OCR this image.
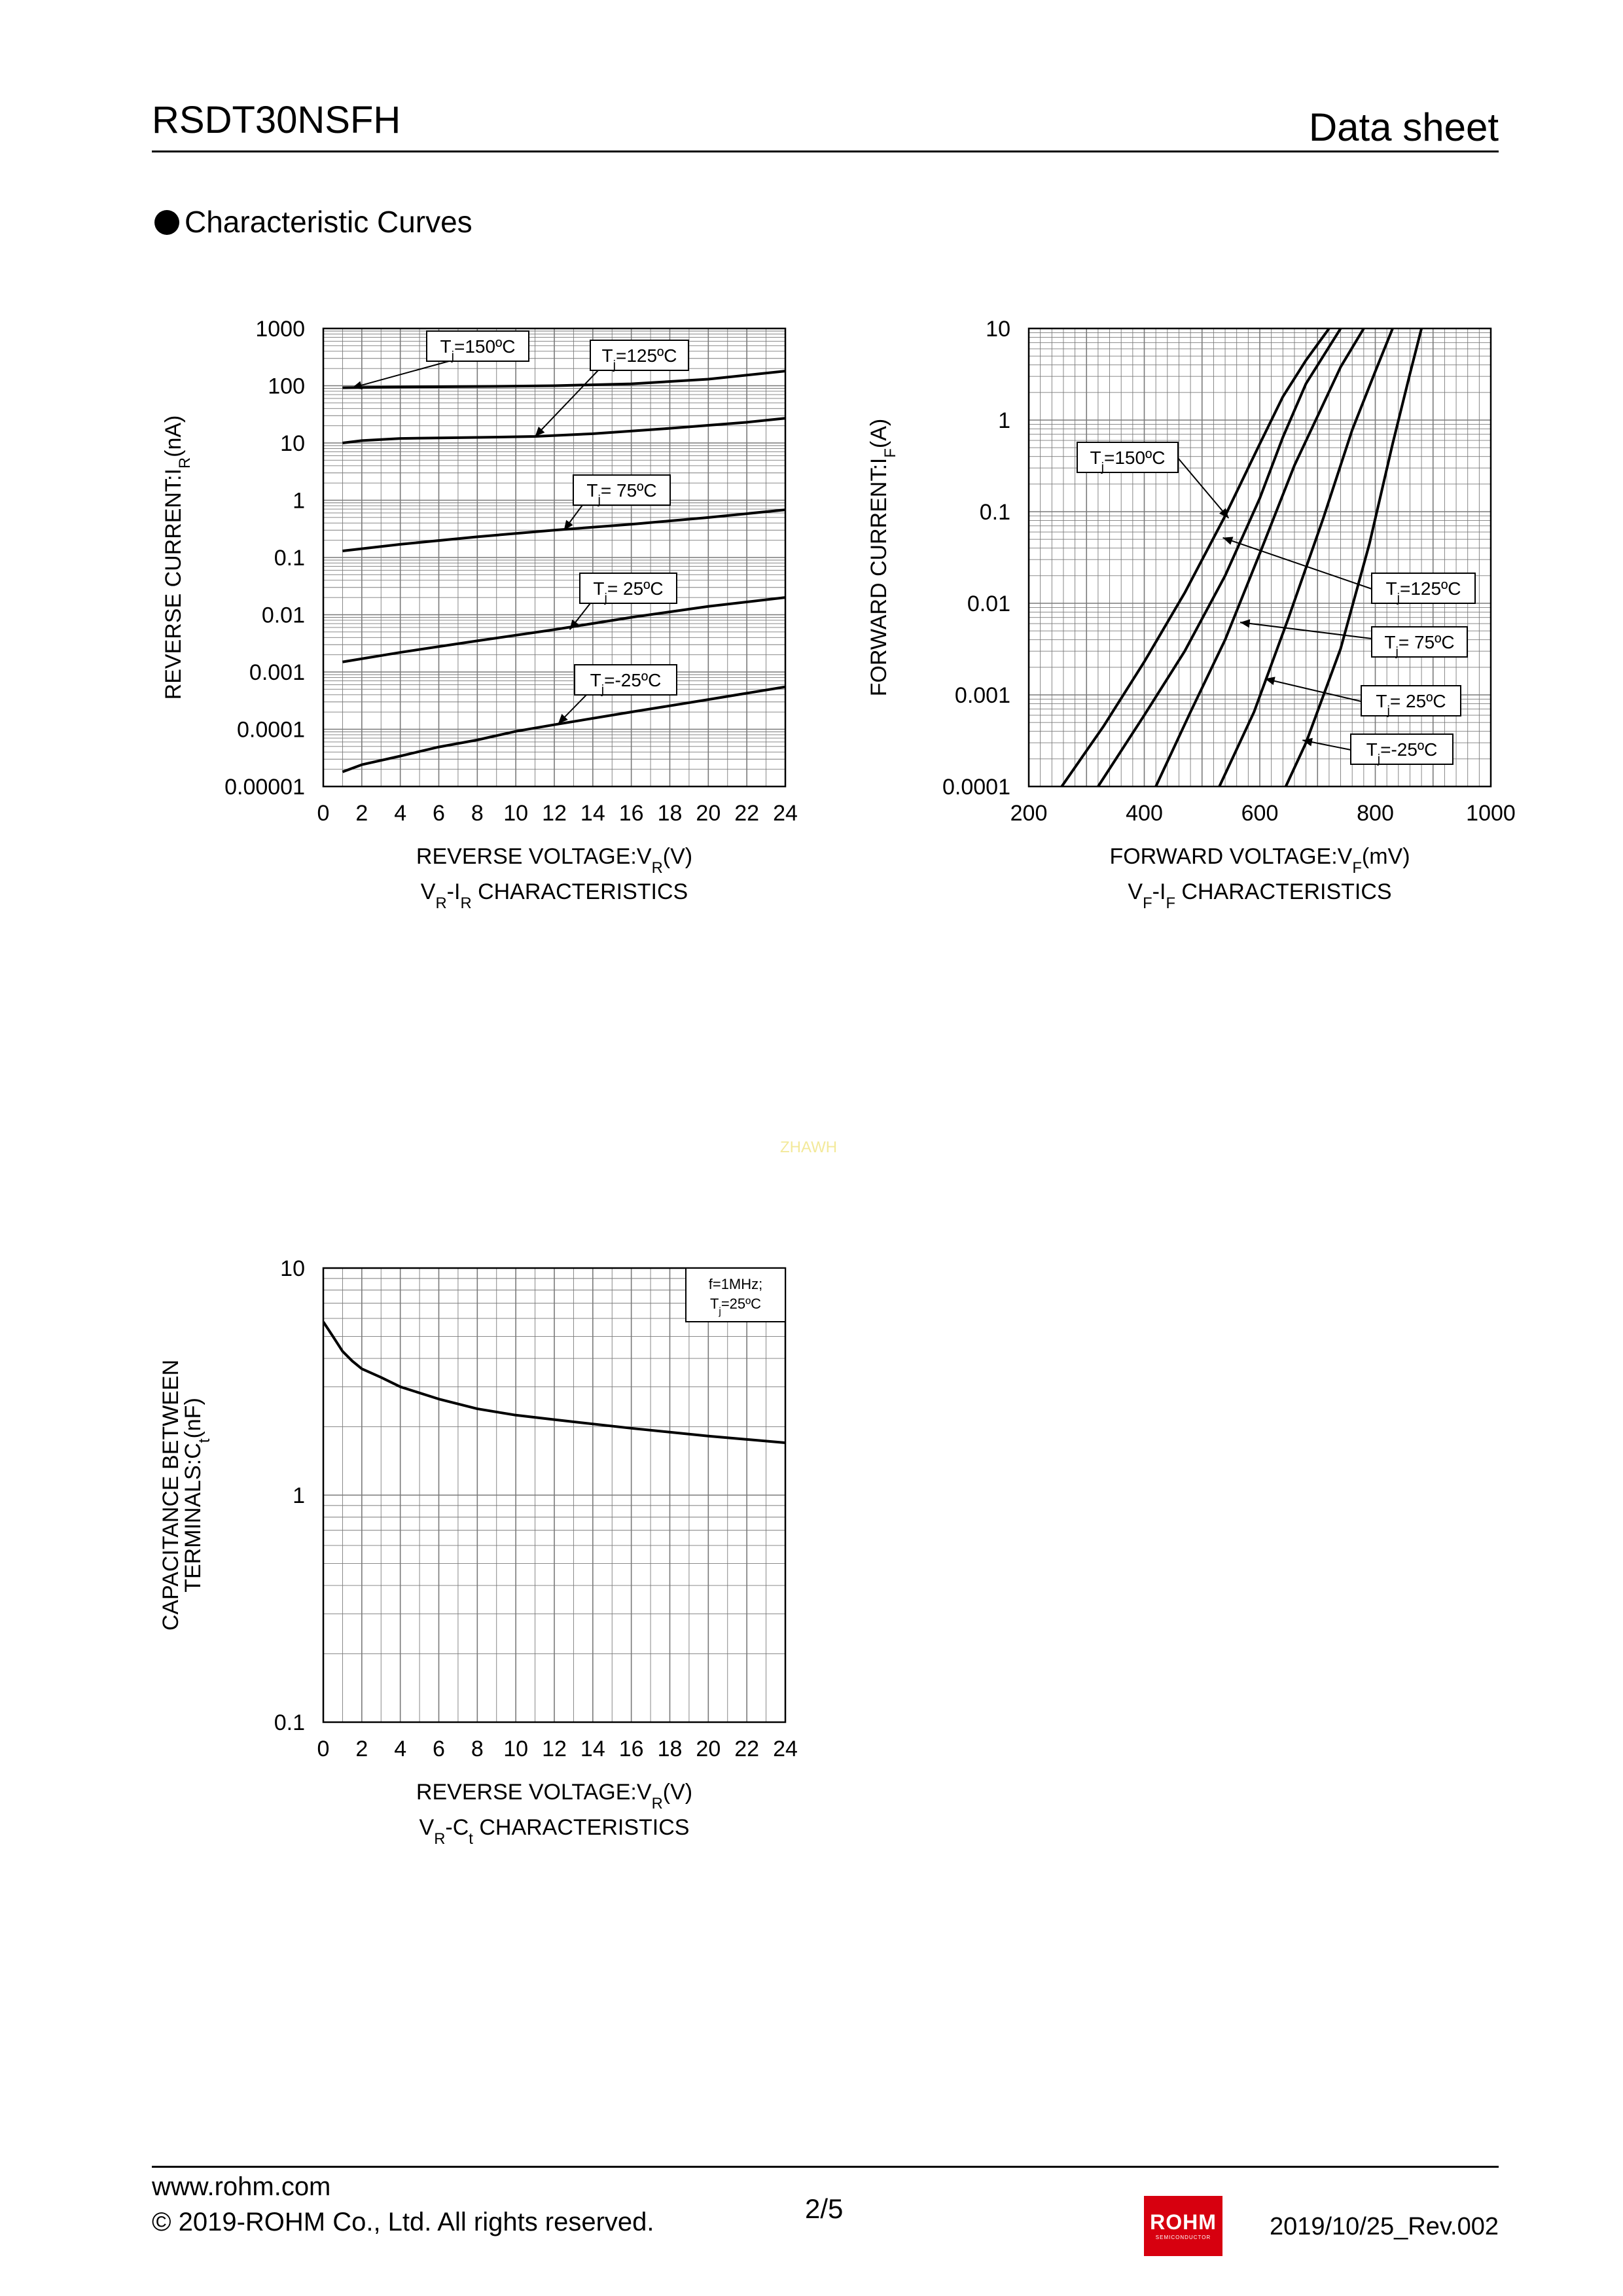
RSDT30NSFH	Data sheet
Characteristic Curves
ZHAWH
0 2 4 6 8 10 12 14 16 18 20 22 24
0.00001
0.0001
0.001
0.01
0.1
1
10
100
1000
REVERSE $VOLTAGE:V_R(V)$
REVERSE $CURRENT:I_R(nA)$
$V_R-I_R$ CHARACTERISTICS
$T_j=150ºC$	$T_j=125ºC$
$T_j=$ 75ºC
$T_j=$ 25ºC
$T_j=-25ºC$
200	400	600	800	1000
0.0001
0.001
0.01
0.1
1
10
FORWARD $VOLTAGE:V_F(mV)$
FORWARD $CURRENT:I_F(A)$
$V_F-I_F$ CHARACTERISTICS
$T_j=150ºC$
$T_j=125ºC$
$T_j=$ 75ºC
$T_j=$ 25ºC
$T_j=-25ºC$
0 2 4 6 8 10 12 14 16 18 20 22 24
0.1
1
10
REVERSE $VOLTAGE:V_R(V)$
CAPACITANCE BETWEEN
$TERMINALS:C_t(nF)$
$V_R-C_t$ CHARACTERISTICS
f=1MHz;
$T_j=25ºC$
www.rohm.com
© 2019-ROHM Co., Ltd. All rights reserved.	2/5	ROHM
SEMICONDUCTOR	2019/10/25_Rev.002
